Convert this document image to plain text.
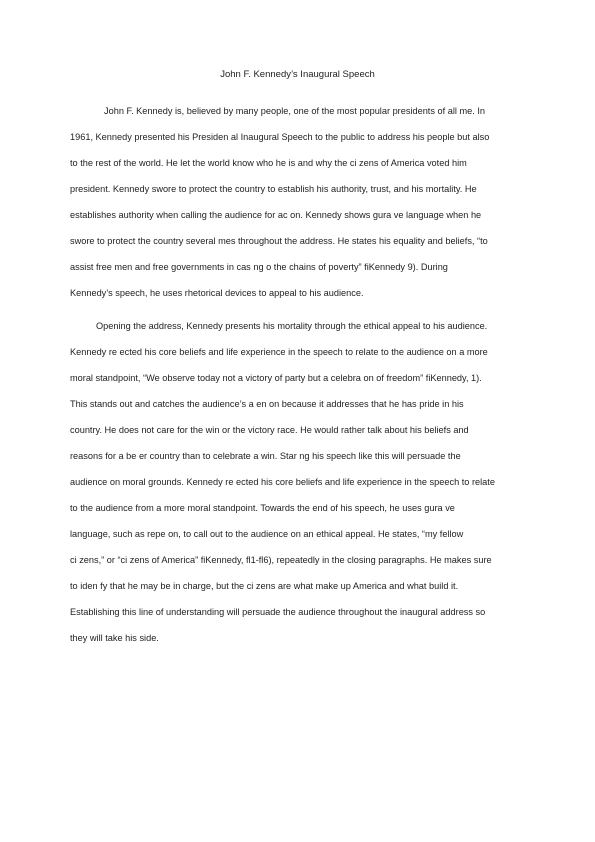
John F. Kennedy’s Inaugural Speech
John F. Kennedy is, believed by many people, one of the most popular presidents of all me. In
1961, Kennedy presented his Presiden al Inaugural Speech to the public to address his people but also
to the rest of the world. He let the world know who he is and why the ci zens of America voted him
president. Kennedy swore to protect the country to establish his authority, trust, and his mortality. He
establishes authority when calling the audience for ac on. Kennedy shows gura ve language when he
swore to protect the country several mes throughout the address. He states his equality and beliefs, “to
assist free men and free governments in cas ng o the chains of poverty” fiKennedy 9). During
Kennedy’s speech, he uses rhetorical devices to appeal to his audience.
Opening the address, Kennedy presents his mortality through the ethical appeal to his audience.
Kennedy re ected his core beliefs and life experience in the speech to relate to the audience on a more
moral standpoint, “We observe today not a victory of party but a celebra on of freedom” fiKennedy, 1).
This stands out and catches the audience’s a en on because it addresses that he has pride in his
country. He does not care for the win or the victory race. He would rather talk about his beliefs and
reasons for a be er country than to celebrate a win. Star ng his speech like this will persuade the
audience on moral grounds. Kennedy re ected his core beliefs and life experience in the speech to relate
to the audience from a more moral standpoint. Towards the end of his speech, he uses gura ve
language, such as repe on, to call out to the audience on an ethical appeal. He states, “my fellow
ci zens,” or “ci zens of America” fiKennedy, fl1-fl6), repeatedly in the closing paragraphs. He makes sure
to iden fy that he may be in charge, but the ci zens are what make up America and what build it.
Establishing this line of understanding will persuade the audience throughout the inaugural address so
they will take his side.
